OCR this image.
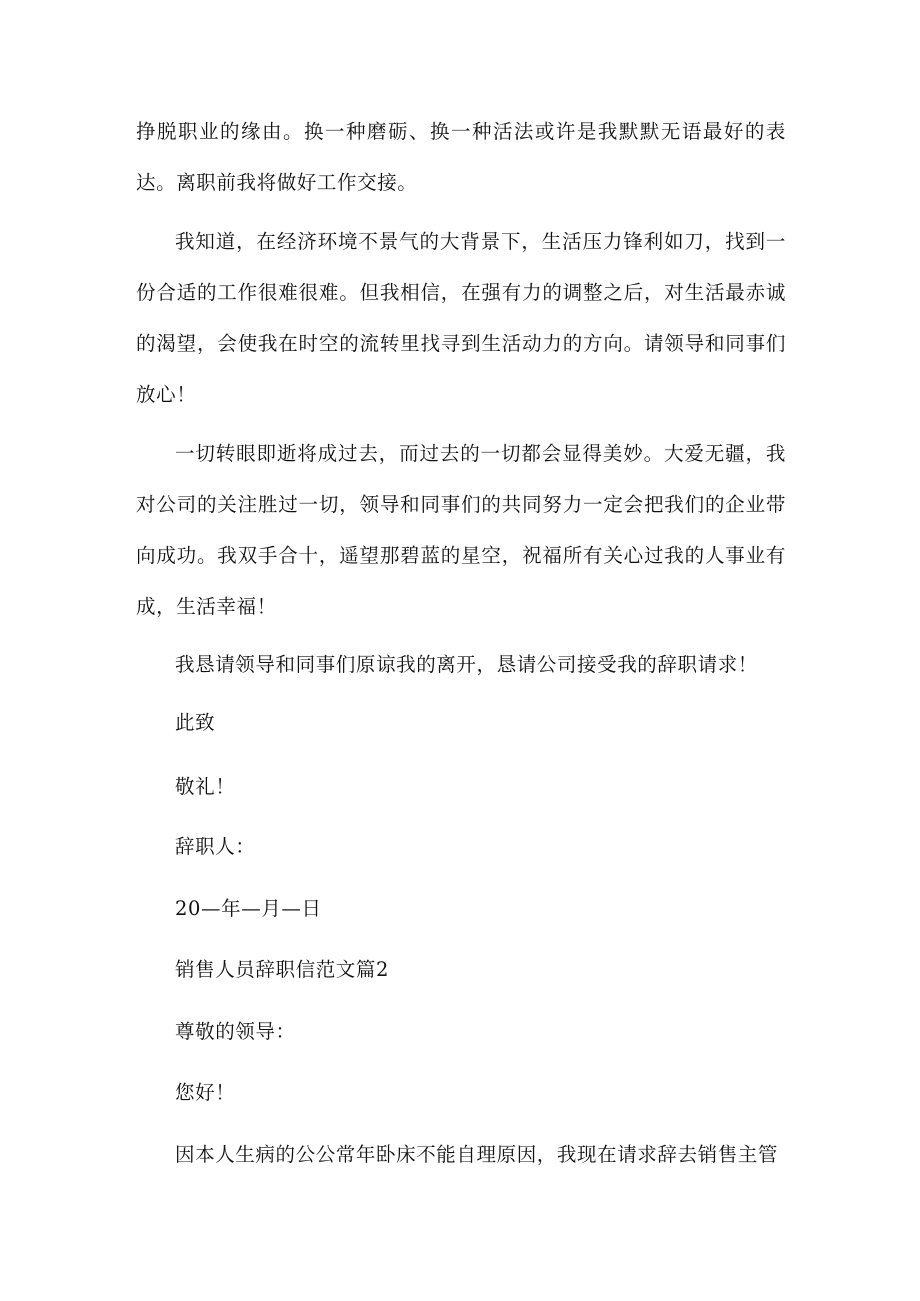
挣脱职业的缘由。换一种磨砺、换一种活法或许是我默默无语最好的表达。离职前我将做好工作交接。

我知道，在经济环境不景气的大背景下，生活压力锋利如刀，找到一份合适的工作很难很难。但我相信，在强有力的调整之后，对生活最赤诚的渴望，会使我在时空的流转里找寻到生活动力的方向。请领导和同事们放心！

一切转眼即逝将成过去，而过去的一切都会显得美妙。大爱无疆，我对公司的关注胜过一切，领导和同事们的共同努力一定会把我们的企业带向成功。我双手合十，遥望那碧蓝的星空，祝福所有关心过我的人事业有成，生活幸福！

我恳请领导和同事们原谅我的离开，恳请公司接受我的辞职请求！

此致

敬礼！

辞职人：

20—年—月—日

销售人员辞职信范文篇2

尊敬的领导：

您好！

因本人生病的公公常年卧床不能自理原因，我现在请求辞去销售主管
